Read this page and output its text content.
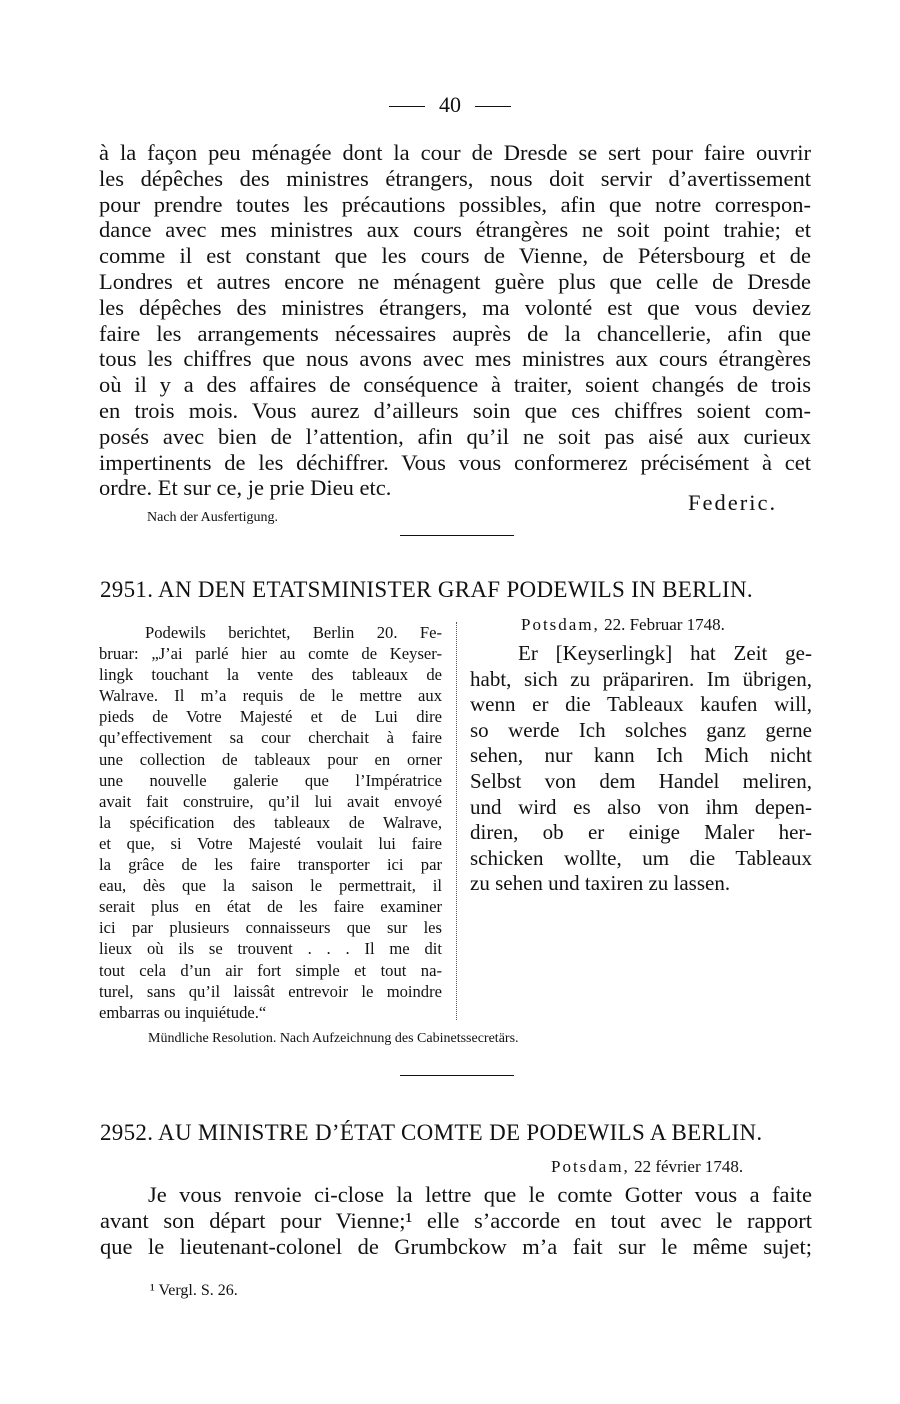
40
à la façon peu ménagée dont la cour de Dresde se sert pour faire ouvrir
les dépêches des ministres étrangers, nous doit servir d’avertissement
pour prendre toutes les précautions possibles, afin que notre correspon-
dance avec mes ministres aux cours étrangères ne soit point trahie; et
comme il est constant que les cours de Vienne, de Pétersbourg et de
Londres et autres encore ne ménagent guère plus que celle de Dresde
les dépêches des ministres étrangers, ma volonté est que vous deviez
faire les arrangements nécessaires auprès de la chancellerie, afin que
tous les chiffres que nous avons avec mes ministres aux cours étrangères
où il y a des affaires de conséquence à traiter, soient changés de trois
en trois mois. Vous aurez d’ailleurs soin que ces chiffres soient com-
posés avec bien de l’attention, afin qu’il ne soit pas aisé aux curieux
impertinents de les déchiffrer. Vous vous conformerez précisément à cet
ordre. Et sur ce, je prie Dieu etc.
Federic.
Nach der Ausfertigung.
2951. AN DEN ETATSMINISTER GRAF PODEWILS IN BERLIN.
Potsdam, 22. Februar 1748.
Podewils berichtet, Berlin 20. Fe-
bruar: „J’ai parlé hier au comte de Keyser-
lingk touchant la vente des tableaux de
Walrave. Il m’a requis de le mettre aux
pieds de Votre Majesté et de Lui dire
qu’effectivement sa cour cherchait à faire
une collection de tableaux pour en orner
une nouvelle galerie que l’Impératrice
avait fait construire, qu’il lui avait envoyé
la spécification des tableaux de Walrave,
et que, si Votre Majesté voulait lui faire
la grâce de les faire transporter ici par
eau, dès que la saison le permettrait, il
serait plus en état de les faire examiner
ici par plusieurs connaisseurs que sur les
lieux où ils se trouvent . . . Il me dit
tout cela d’un air fort simple et tout na-
turel, sans qu’il laissât entrevoir le moindre
embarras ou inquiétude.“
Er [Keyserlingk] hat Zeit ge-
habt, sich zu präpariren. Im übrigen,
wenn er die Tableaux kaufen will,
so werde Ich solches ganz gerne
sehen, nur kann Ich Mich nicht
Selbst von dem Handel meliren,
und wird es also von ihm depen-
diren, ob er einige Maler her-
schicken wollte, um die Tableaux
zu sehen und taxiren zu lassen.
Mündliche Resolution. Nach Aufzeichnung des Cabinetssecretärs.
2952. AU MINISTRE D’ÉTAT COMTE DE PODEWILS A BERLIN.
Potsdam, 22 février 1748.
Je vous renvoie ci-close la lettre que le comte Gotter vous a faite
avant son départ pour Vienne;¹ elle s’accorde en tout avec le rapport
que le lieutenant-colonel de Grumbckow m’a fait sur le même sujet;
¹ Vergl. S. 26.
